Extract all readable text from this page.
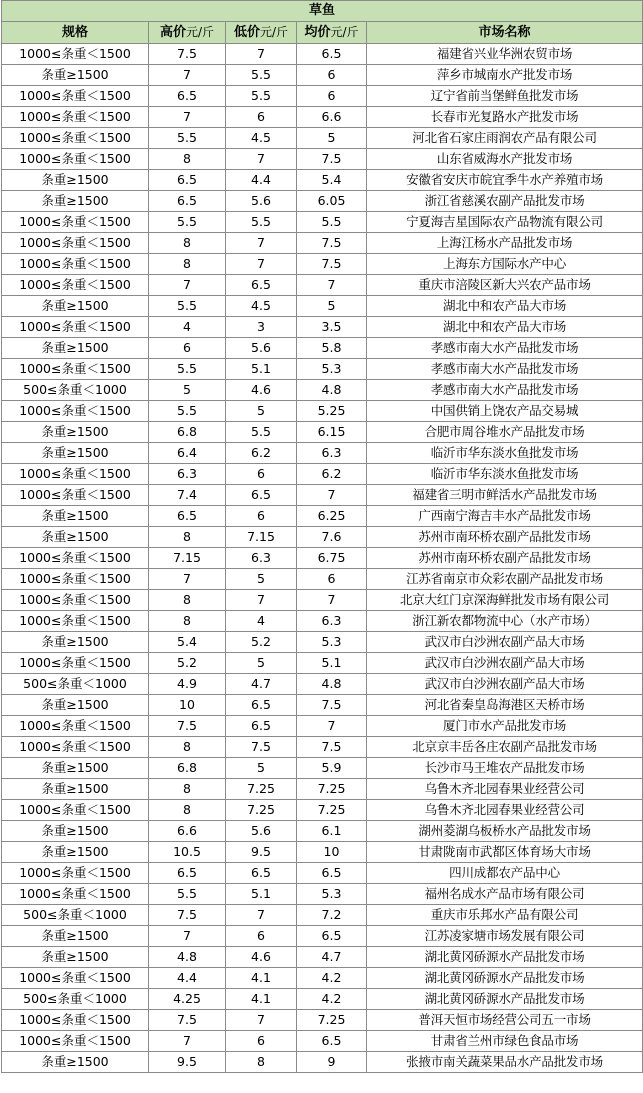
草鱼				
规格	高价元/斤	低价元/斤	均价元/斤	市场名称
1000≤条重＜1500	7.5	7	6.5	福建省兴业华洲农贸市场
条重≥1500	7	5.5	6	萍乡市城南水产批发市场
1000≤条重＜1500	6.5	5.5	6	辽宁省前当堡鲜鱼批发市场
1000≤条重＜1500	7	6	6.6	长春市光复路水产批发市场
1000≤条重＜1500	5.5	4.5	5	河北省石家庄雨润农产品有限公司
1000≤条重＜1500	8	7	7.5	山东省威海水产批发市场
条重≥1500	6.5	4.4	5.4	安徽省安庆市皖宜季牛水产养殖市场
条重≥1500	6.5	5.6	6.05	浙江省慈溪农副产品批发市场
1000≤条重＜1500	5.5	5.5	5.5	宁夏海吉星国际农产品物流有限公司
1000≤条重＜1500	8	7	7.5	上海江杨水产品批发市场
1000≤条重＜1500	8	7	7.5	上海东方国际水产中心
1000≤条重＜1500	7	6.5	7	重庆市涪陵区新大兴农产品市场
条重≥1500	5.5	4.5	5	湖北中和农产品大市场
1000≤条重＜1500	4	3	3.5	湖北中和农产品大市场
条重≥1500	6	5.6	5.8	孝感市南大水产品批发市场
1000≤条重＜1500	5.5	5.1	5.3	孝感市南大水产品批发市场
500≤条重＜1000	5	4.6	4.8	孝感市南大水产品批发市场
1000≤条重＜1500	5.5	5	5.25	中国供销上饶农产品交易城
条重≥1500	6.8	5.5	6.15	合肥市周谷堆水产品批发市场
条重≥1500	6.4	6.2	6.3	临沂市华东淡水鱼批发市场
1000≤条重＜1500	6.3	6	6.2	临沂市华东淡水鱼批发市场
1000≤条重＜1500	7.4	6.5	7	福建省三明市鲜活水产品批发市场
条重≥1500	6.5	6	6.25	广西南宁海吉丰水产品批发市场
条重≥1500	8	7.15	7.6	苏州市南环桥农副产品批发市场
1000≤条重＜1500	7.15	6.3	6.75	苏州市南环桥农副产品批发市场
1000≤条重＜1500	7	5	6	江苏省南京市众彩农副产品批发市场
1000≤条重＜1500	8	7	7	北京大红门京深海鲜批发市场有限公司
1000≤条重＜1500	8	4	6.3	浙江新农都物流中心（水产市场）
条重≥1500	5.4	5.2	5.3	武汉市白沙洲农副产品大市场
1000≤条重＜1500	5.2	5	5.1	武汉市白沙洲农副产品大市场
500≤条重＜1000	4.9	4.7	4.8	武汉市白沙洲农副产品大市场
条重≥1500	10	6.5	7.5	河北省秦皇岛海港区天桥市场
1000≤条重＜1500	7.5	6.5	7	厦门市水产品批发市场
1000≤条重＜1500	8	7.5	7.5	北京京丰岳各庄农副产品批发市场
条重≥1500	6.8	5	5.9	长沙市马王堆农产品批发市场
条重≥1500	8	7.25	7.25	乌鲁木齐北园春果业经营公司
1000≤条重＜1500	8	7.25	7.25	乌鲁木齐北园春果业经营公司
条重≥1500	6.6	5.6	6.1	湖州菱湖乌板桥水产品批发市场
条重≥1500	10.5	9.5	10	甘肃陇南市武都区体育场大市场
1000≤条重＜1500	6.5	6.5	6.5	四川成都农产品中心
1000≤条重＜1500	5.5	5.1	5.3	福州名成水产品市场有限公司
500≤条重＜1000	7.5	7	7.2	重庆市乐邦水产品有限公司
条重≥1500	7	6	6.5	江苏凌家塘市场发展有限公司
条重≥1500	4.8	4.6	4.7	湖北黄冈硚源水产品批发市场
1000≤条重＜1500	4.4	4.1	4.2	湖北黄冈硚源水产品批发市场
500≤条重＜1000	4.25	4.1	4.2	湖北黄冈硚源水产品批发市场
1000≤条重＜1500	7.5	7	7.25	普洱天恒市场经营公司五一市场
1000≤条重＜1500	7	6	6.5	甘肃省兰州市绿色食品市场
条重≥1500	9.5	8	9	张掖市南关蔬菜果品水产品批发市场
